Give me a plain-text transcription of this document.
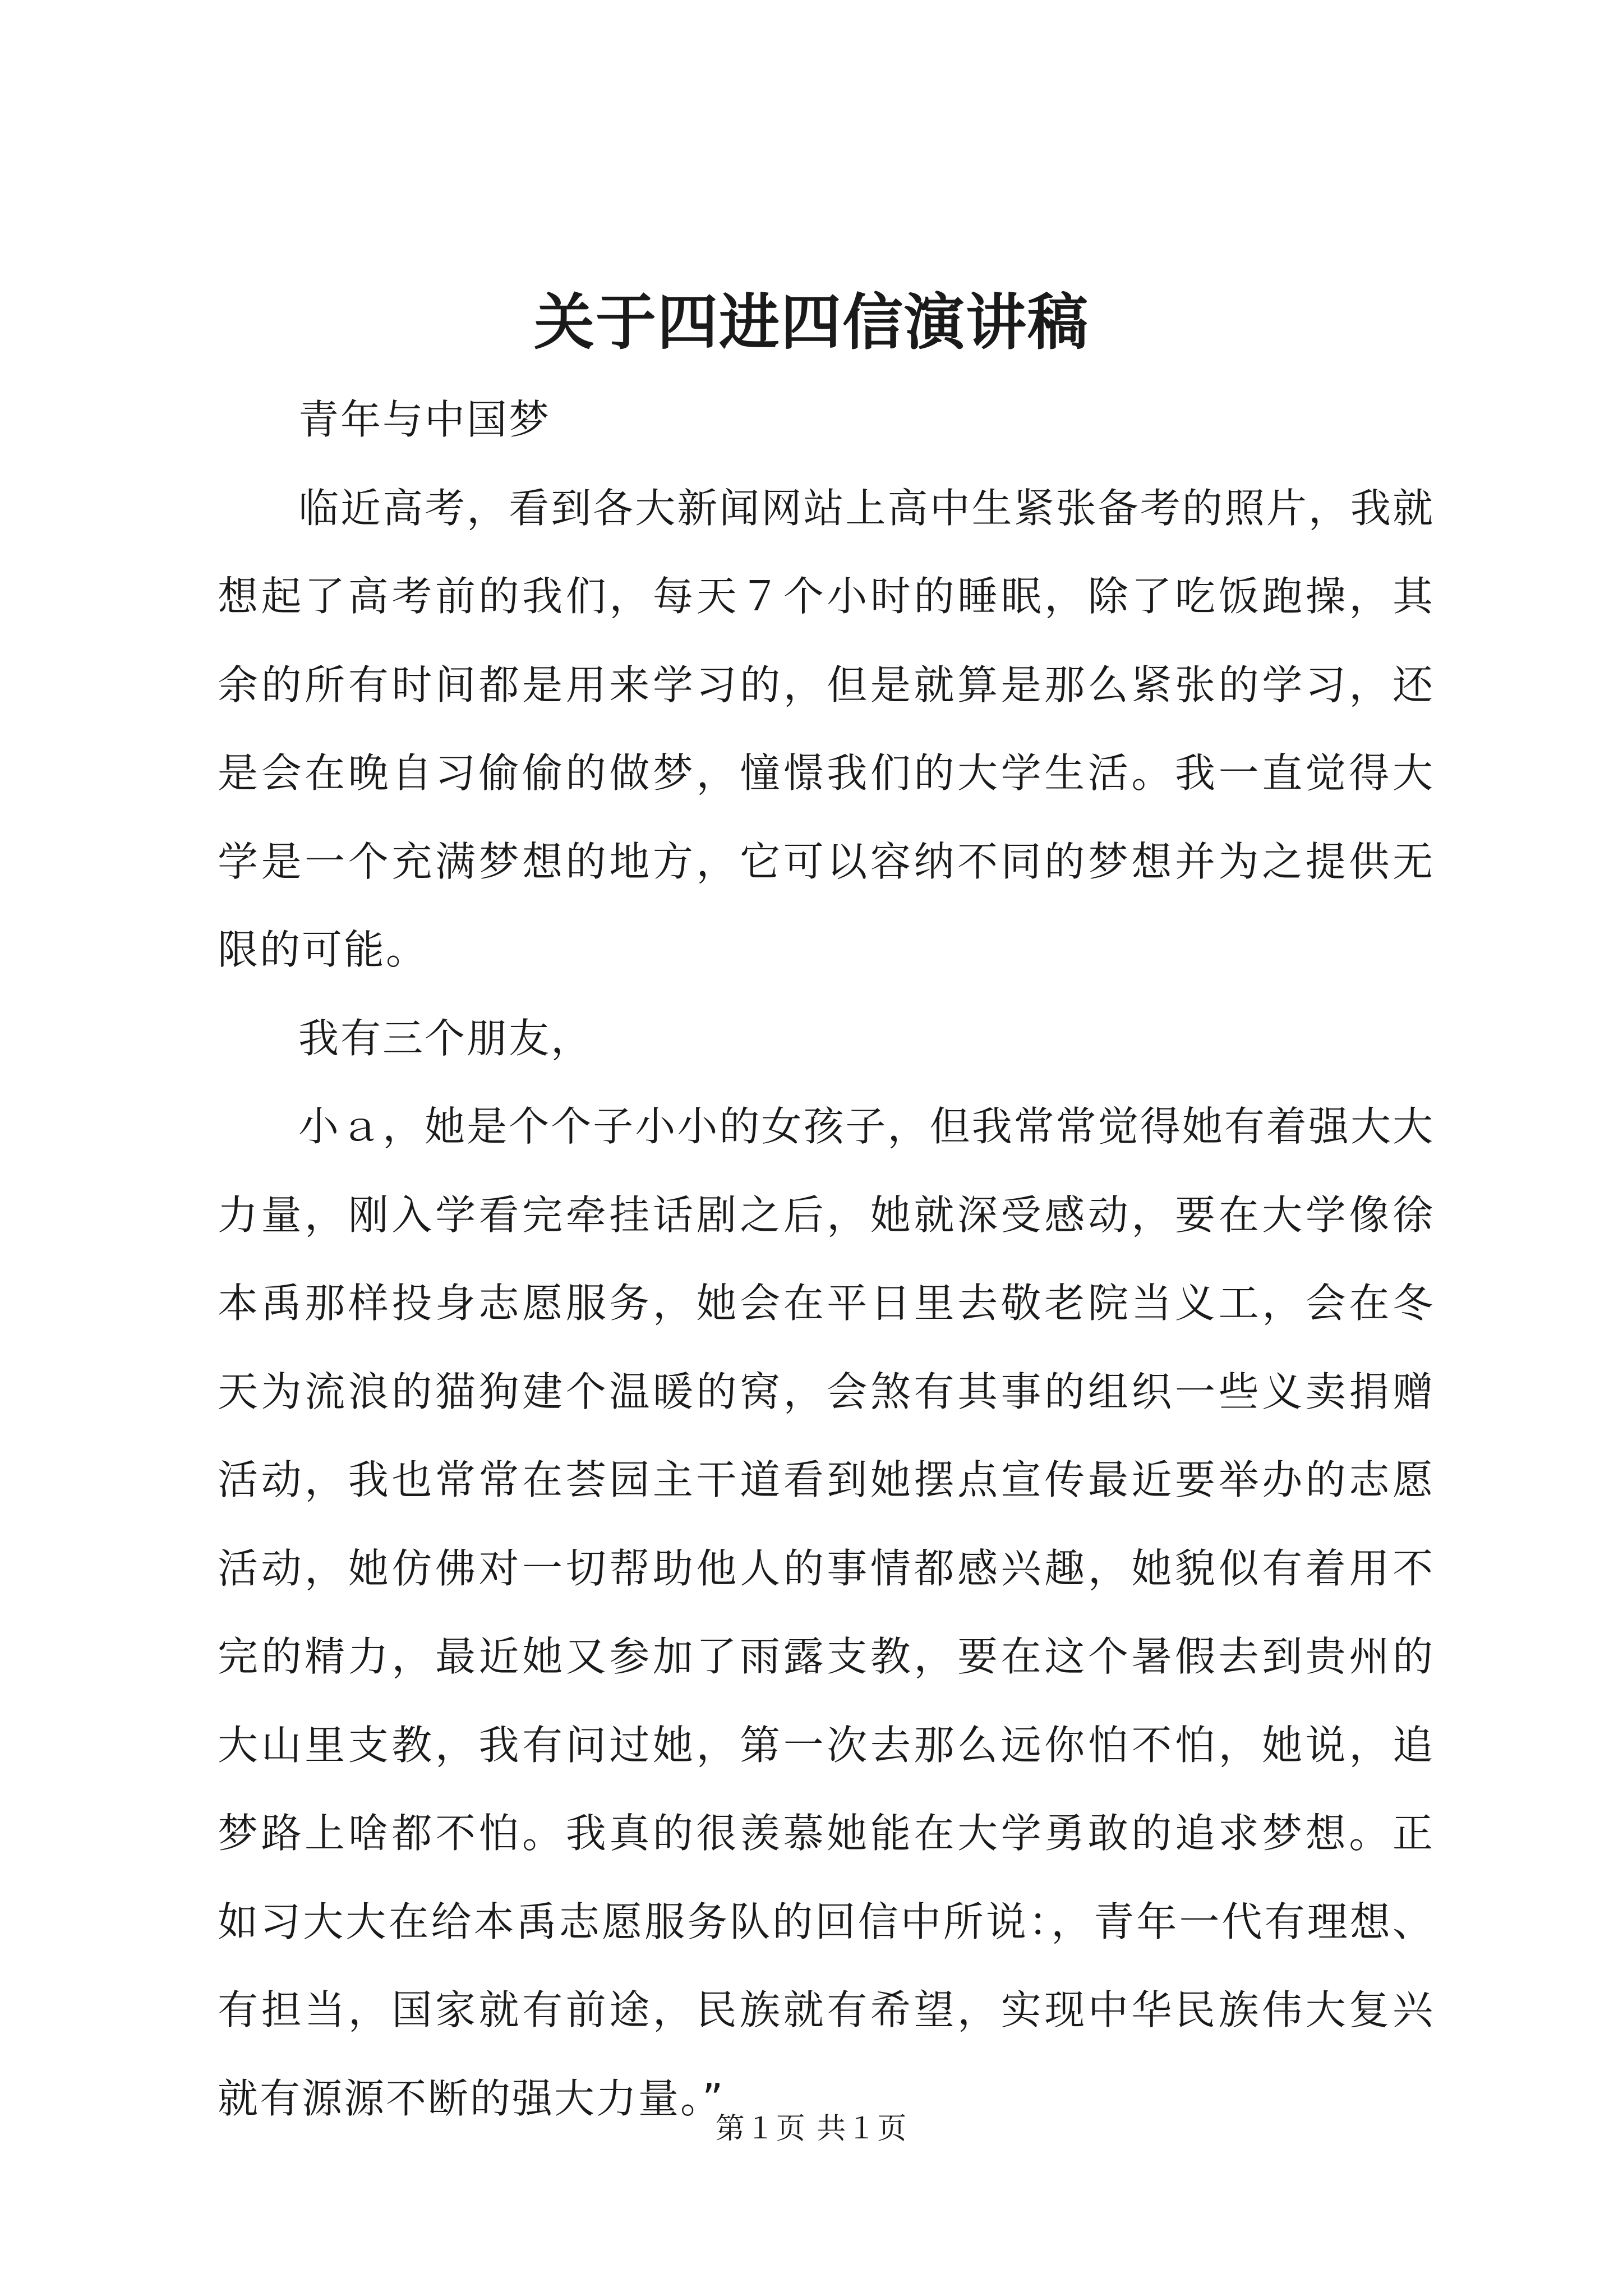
关于四进四信演讲稿

青年与中国梦

临近高考，看到各大新闻网站上高中生紧张备考的照片，我就想起了高考前的我们，每天７个小时的睡眠，除了吃饭跑操，其余的所有时间都是用来学习的，但是就算是那么紧张的学习，还是会在晚自习偷偷的做梦，憧憬我们的大学生活。我一直觉得大学是一个充满梦想的地方，它可以容纳不同的梦想并为之提供无限的可能。

我有三个朋友，

小ａ，她是个个子小小的女孩子，但我常常觉得她有着强大大力量，刚入学看完牵挂话剧之后，她就深受感动，要在大学像徐本禹那样投身志愿服务，她会在平日里去敬老院当义工，会在冬天为流浪的猫狗建个温暖的窝，会煞有其事的组织一些义卖捐赠活动，我也常常在荟园主干道看到她摆点宣传最近要举办的志愿活动，她仿佛对一切帮助他人的事情都感兴趣，她貌似有着用不完的精力，最近她又参加了雨露支教，要在这个暑假去到贵州的大山里支教，我有问过她，第一次去那么远你怕不怕，她说，追梦路上啥都不怕。我真的很羡慕她能在大学勇敢的追求梦想。正如习大大在给本禹志愿服务队的回信中所说：，青年一代有理想、有担当，国家就有前途，民族就有希望，实现中华民族伟大复兴就有源源不断的强大力量。”

第１页 共１页
